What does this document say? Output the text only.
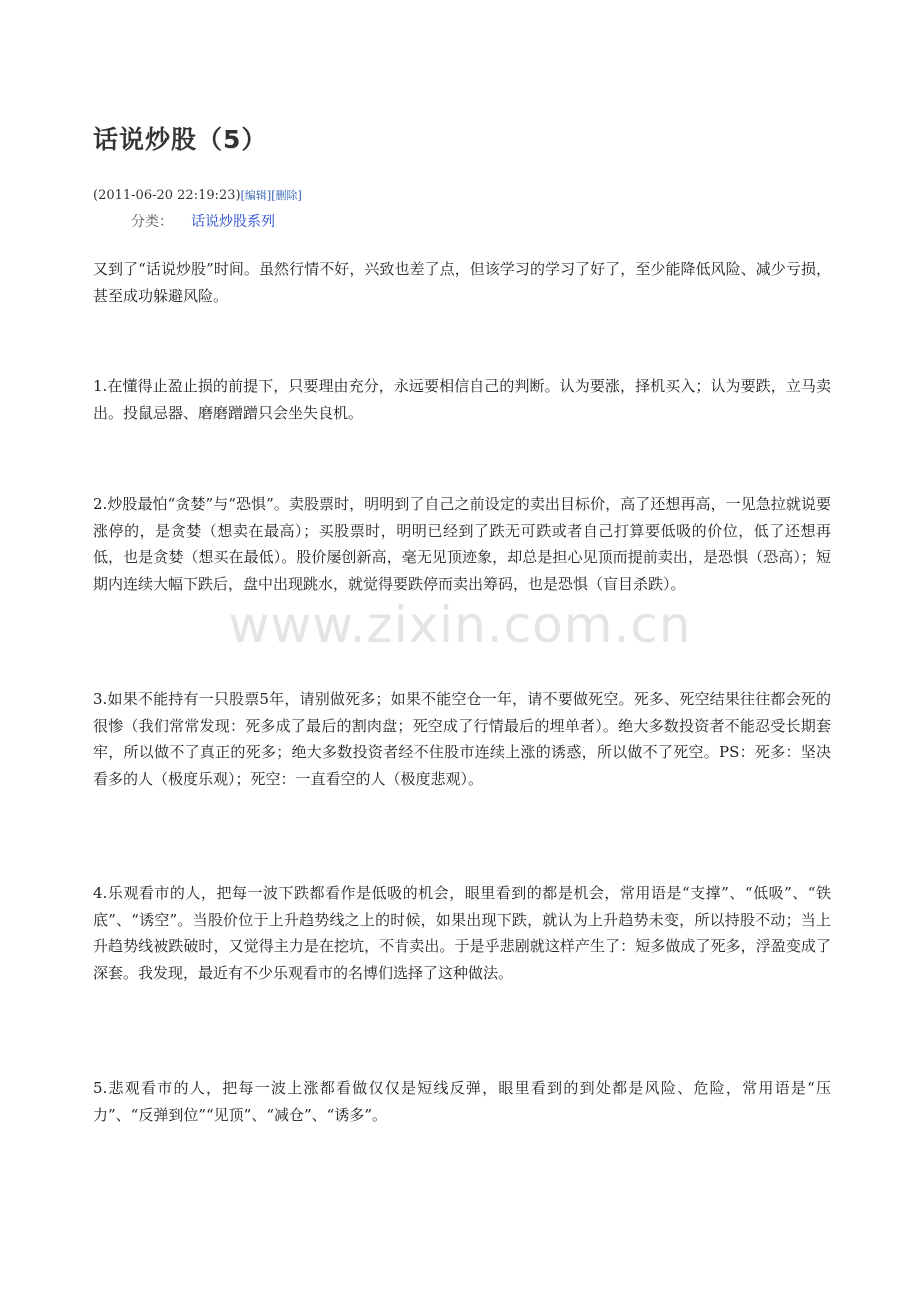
话说炒股（5）
(2011-06-20 22:19:23)[编辑][删除]
分类： 话说炒股系列

又到了“话说炒股”时间。虽然行情不好，兴致也差了点，但该学习的学习了好了，至少能降低风险、减少亏损，甚至成功躲避风险。

1.在懂得止盈止损的前提下，只要理由充分，永远要相信自己的判断。认为要涨，择机买入；认为要跌，立马卖出。投鼠忌器、磨磨蹭蹭只会坐失良机。

2.炒股最怕“贪婪”与“恐惧”。卖股票时，明明到了自己之前设定的卖出目标价，高了还想再高，一见急拉就说要涨停的，是贪婪（想卖在最高）；买股票时，明明已经到了跌无可跌或者自己打算要低吸的价位，低了还想再低，也是贪婪（想买在最低）。股价屡创新高，毫无见顶迹象，却总是担心见顶而提前卖出，是恐惧（恐高）；短期内连续大幅下跌后，盘中出现跳水，就觉得要跌停而卖出筹码，也是恐惧（盲目杀跌）。

3.如果不能持有一只股票5年，请别做死多；如果不能空仓一年，请不要做死空。死多、死空结果往往都会死的很惨（我们常常发现：死多成了最后的割肉盘；死空成了行情最后的埋单者）。绝大多数投资者不能忍受长期套牢，所以做不了真正的死多；绝大多数投资者经不住股市连续上涨的诱惑，所以做不了死空。PS：死多：坚决看多的人（极度乐观）；死空：一直看空的人（极度悲观）。

4.乐观看市的人，把每一波下跌都看作是低吸的机会，眼里看到的都是机会，常用语是“支撑”、“低吸”、“铁底”、“诱空”。当股价位于上升趋势线之上的时候，如果出现下跌，就认为上升趋势未变，所以持股不动；当上升趋势线被跌破时，又觉得主力是在挖坑，不肯卖出。于是乎悲剧就这样产生了：短多做成了死多，浮盈变成了深套。我发现，最近有不少乐观看市的名博们选择了这种做法。

5.悲观看市的人，把每一波上涨都看做仅仅是短线反弹，眼里看到的到处都是风险、危险，常用语是“压力”、“反弹到位”“见顶”、“减仓”、“诱多”。

www.zixin.com.cn
